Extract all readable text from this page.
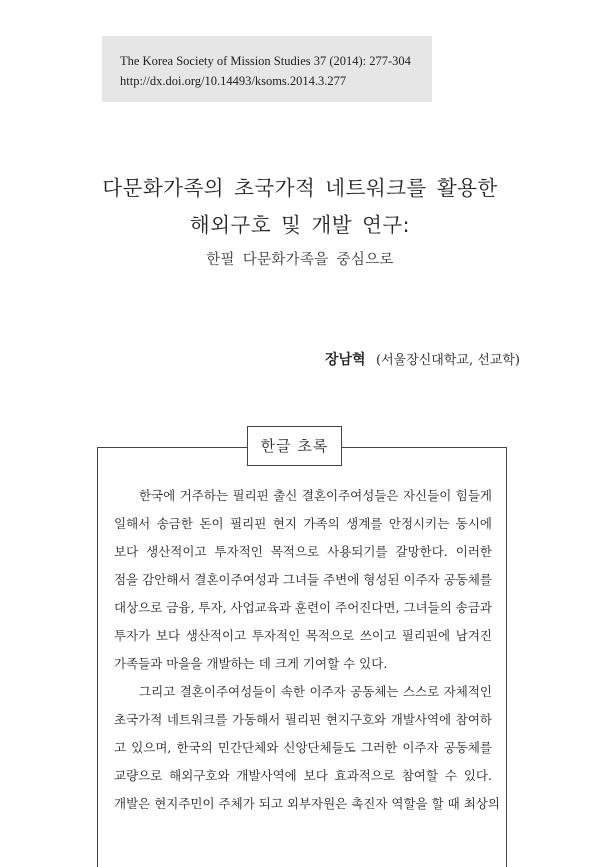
The Korea Society of Mission Studies 37 (2014): 277-304
http://dx.doi.org/10.14493/ksoms.2014.3.277
다문화가족의 초국가적 네트워크를 활용한
해외구호 및 개발 연구:
한필 다문화가족을 중심으로
장남혁 (서울장신대학교, 선교학)
한글 초록
한국에 거주하는 필리핀 출신 결혼이주여성들은 자신들이 힘들게
일해서 송금한 돈이 필리핀 현지 가족의 생계를 안정시키는 동시에
보다 생산적이고 투자적인 목적으로 사용되기를 갈망한다. 이러한
점을 감안해서 결혼이주여성과 그녀들 주변에 형성된 이주자 공동체를
대상으로 금융, 투자, 사업교육과 훈련이 주어진다면, 그녀들의 송금과
투자가 보다 생산적이고 투자적인 목적으로 쓰이고 필리핀에 남겨진
가족들과 마을을 개발하는 데 크게 기여할 수 있다.
그리고 결혼이주여성들이 속한 이주자 공동체는 스스로 자체적인
초국가적 네트워크를 가동해서 필리핀 현지구호와 개발사역에 참여하
고 있으며, 한국의 민간단체와 신앙단체들도 그러한 이주자 공동체를
교량으로 해외구호와 개발사역에 보다 효과적으로 참여할 수 있다.
개발은 현지주민이 주체가 되고 외부자원은 촉진자 역할을 할 때 최상의
